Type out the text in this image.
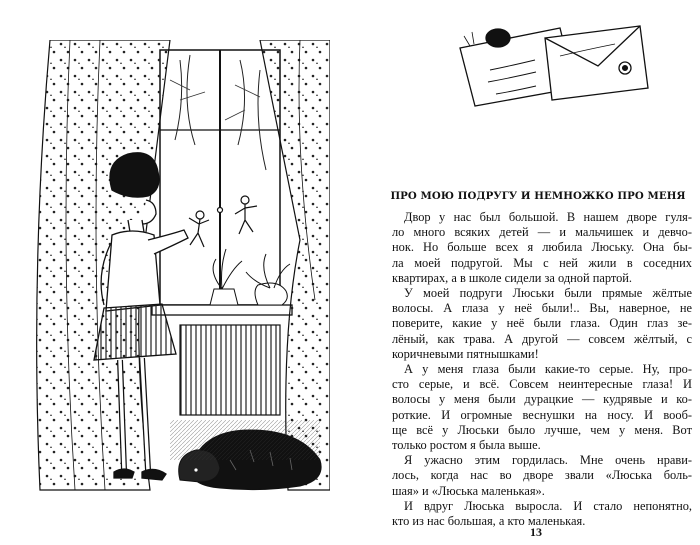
ПРО МОЮ ПОДРУГУ И НЕМНОЖКО ПРО МЕНЯ
Двор у нас был большой. В нашем дворе гуля-
ло много всяких детей — и мальчишек и девчо-
нок. Но больше всех я любила Люську. Она бы-
ла моей подругой. Мы с ней жили в соседних
квартирах, а в школе сидели за одной партой.
У моей подруги Люськи были прямые жёлтые
волосы. А глаза у неё были!.. Вы, наверное, не
поверите, какие у неё были глаза. Один глаз зе-
лёный, как трава. А другой — совсем жёлтый, с
коричневыми пятнышками!
А у меня глаза были какие-то серые. Ну, про-
сто серые, и всё. Совсем неинтересные глаза! И
волосы у меня были дурацкие — кудрявые и ко-
роткие. И огромные веснушки на носу. И вооб-
ще всё у Люськи было лучше, чем у меня. Вот
только ростом я была выше.
Я ужасно этим гордилась. Мне очень нрави-
лось, когда нас во дворе звали «Люська боль-
шая» и «Люська маленькая».
И вдруг Люська выросла. И стало непонятно,
кто из нас большая, а кто маленькая.
13
